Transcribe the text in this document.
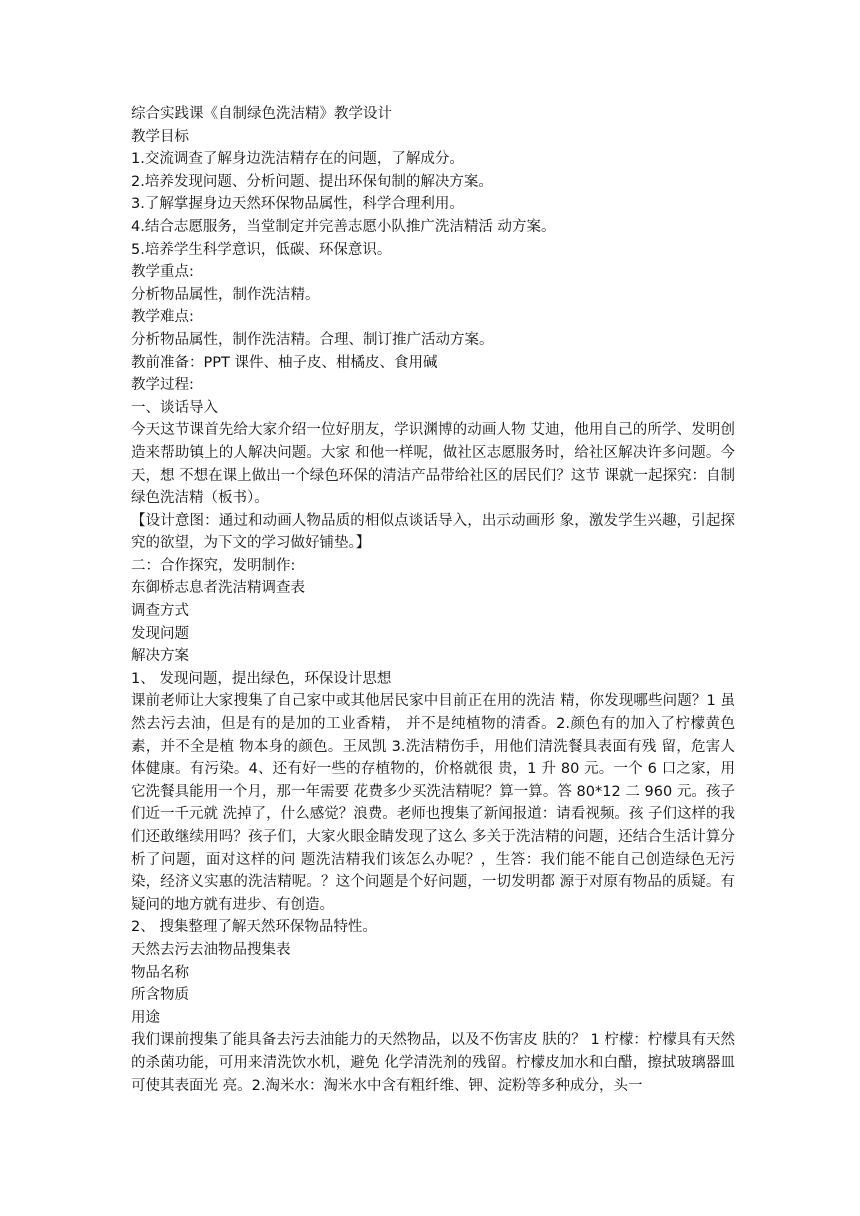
综合实践课《自制绿色洗洁精》教学设计
教学目标
1.交流调查了解身边洗洁精存在的问题，了解成分。
2.培养发现问题、分析问题、提出环保旬制的解决方案。
3.了解掌握身边天然环保物品属性，科学合理利用。
4.结合志愿服务，当堂制定并完善志愿小队推广洗洁精活 动方案。
5.培养学生科学意识，低碳、环保意识。
教学重点:
分析物品属性，制作洗洁精。
教学难点:
分析物品属性，制作洗洁精。合理、制订推广活动方案。
教前准备：PPT 课件、柚子皮、柑橘皮、食用碱
教学过程:
一、谈话导入
今天这节课首先给大家介绍一位好朋友，学识渊博的动画人物 艾迪，他用自己的所学、发明创造来帮助镇上的人解决问题。大家 和他一样呢，做社区志愿服务时，给社区解决许多问题。今天，想 不想在课上做出一个绿色环保的清洁产品带给社区的居民们？这节 课就一起探究：自制绿色洗洁精（板书）。
【设计意图：通过和动画人物品质的相似点谈话导入，出示动画形 象，激发学生兴趣，引起探究的欲望，为下文的学习做好铺垫。】
二：合作探究，发明制作:
东御桥志息者洗洁精调查表
调查方式
发现问题
解决方案
1、 发现问题，提出绿色，环保设计思想
课前老师让大家搜集了自己家中或其他居民家中目前正在用的洗洁 精，你发现哪些问题？1 虽然去污去油，但是有的是加的工业香精， 并不是纯植物的清香。2.颜色有的加入了柠檬黄色素，并不全是植 物本身的颜色。王凤凯 3.洗洁精伤手，用他们清洗餐具表面有残 留，危害人体健康。有污染。4、还有好一些的存植物的，价格就很 贵，1 升 80 元。一个 6 口之家，用它洗餐具能用一个月，那一年需要 花费多少买洗洁精呢？算一算。答 80*12 二 960 元。孩子们近一千元就 洗掉了，什么感觉？浪费。老师也搜集了新闻报道：请看视频。孩 子们这样的我们还敢继续用吗？孩子们，大家火眼金睛发现了这么 多关于洗洁精的问题，还结合生活计算分析了问题，面对这样的问 题洗洁精我们该怎么办呢？，生答：我们能不能自己创造绿色无污 染，经济义实惠的洗洁精呢。？这个问题是个好问题，一切发明都 源于对原有物品的质疑。有疑问的地方就有进步、有创造。
2、 搜集整理了解天然环保物品特性。
天然去污去油物品搜集表
物品名称
所含物质
用途
我们课前搜集了能具备去污去油能力的天然物品，以及不伤害皮 肤的？ 1 柠檬：柠檬具有天然的杀菌功能，可用来清洗饮水机，避免 化学清洗剂的残留。柠檬皮加水和白醋，擦拭玻璃器皿可使其表面光 亮。2.淘米水：淘米水中含有粗纤维、钾、淀粉等多种成分，头一
